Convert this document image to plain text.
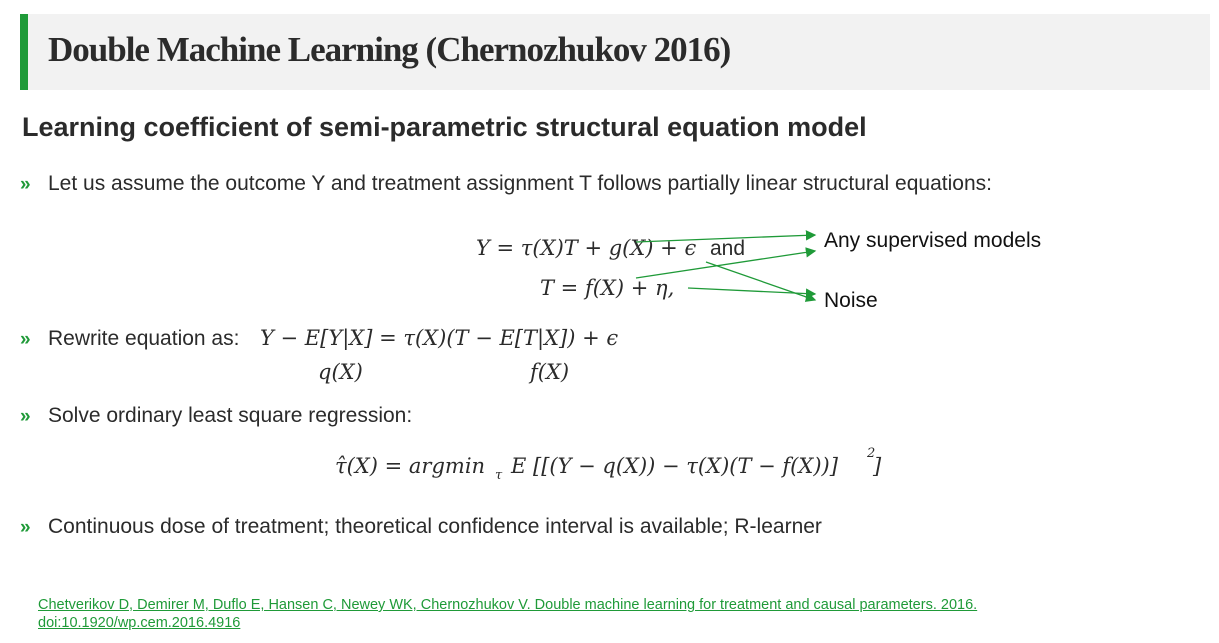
Double Machine Learning (Chernozhukov 2016)
Learning coefficient of semi-parametric structural equation model
» Let us assume the outcome Y and treatment assignment T follows partially linear structural equations:
Y = τ(X)T + g(X) + ϵ and
T = f(X) + η,
Any supervised models
Noise
» Rewrite equation as: Y − E[Y|X] = τ(X)(T − E[T|X]) + ϵ
q(X)	f(X)
» Solve ordinary least square regression:
τ̂(X) = argmin τ E [[(Y − q(X)) − τ(X)(T − f(X))]
2
]
» Continuous dose of treatment; theoretical confidence interval is available; R-learner
Chetverikov D, Demirer M, Duflo E, Hansen C, Newey WK, Chernozhukov V. Double machine learning for treatment and causal parameters. 2016. doi:10.1920/wp.cem.2016.4916
